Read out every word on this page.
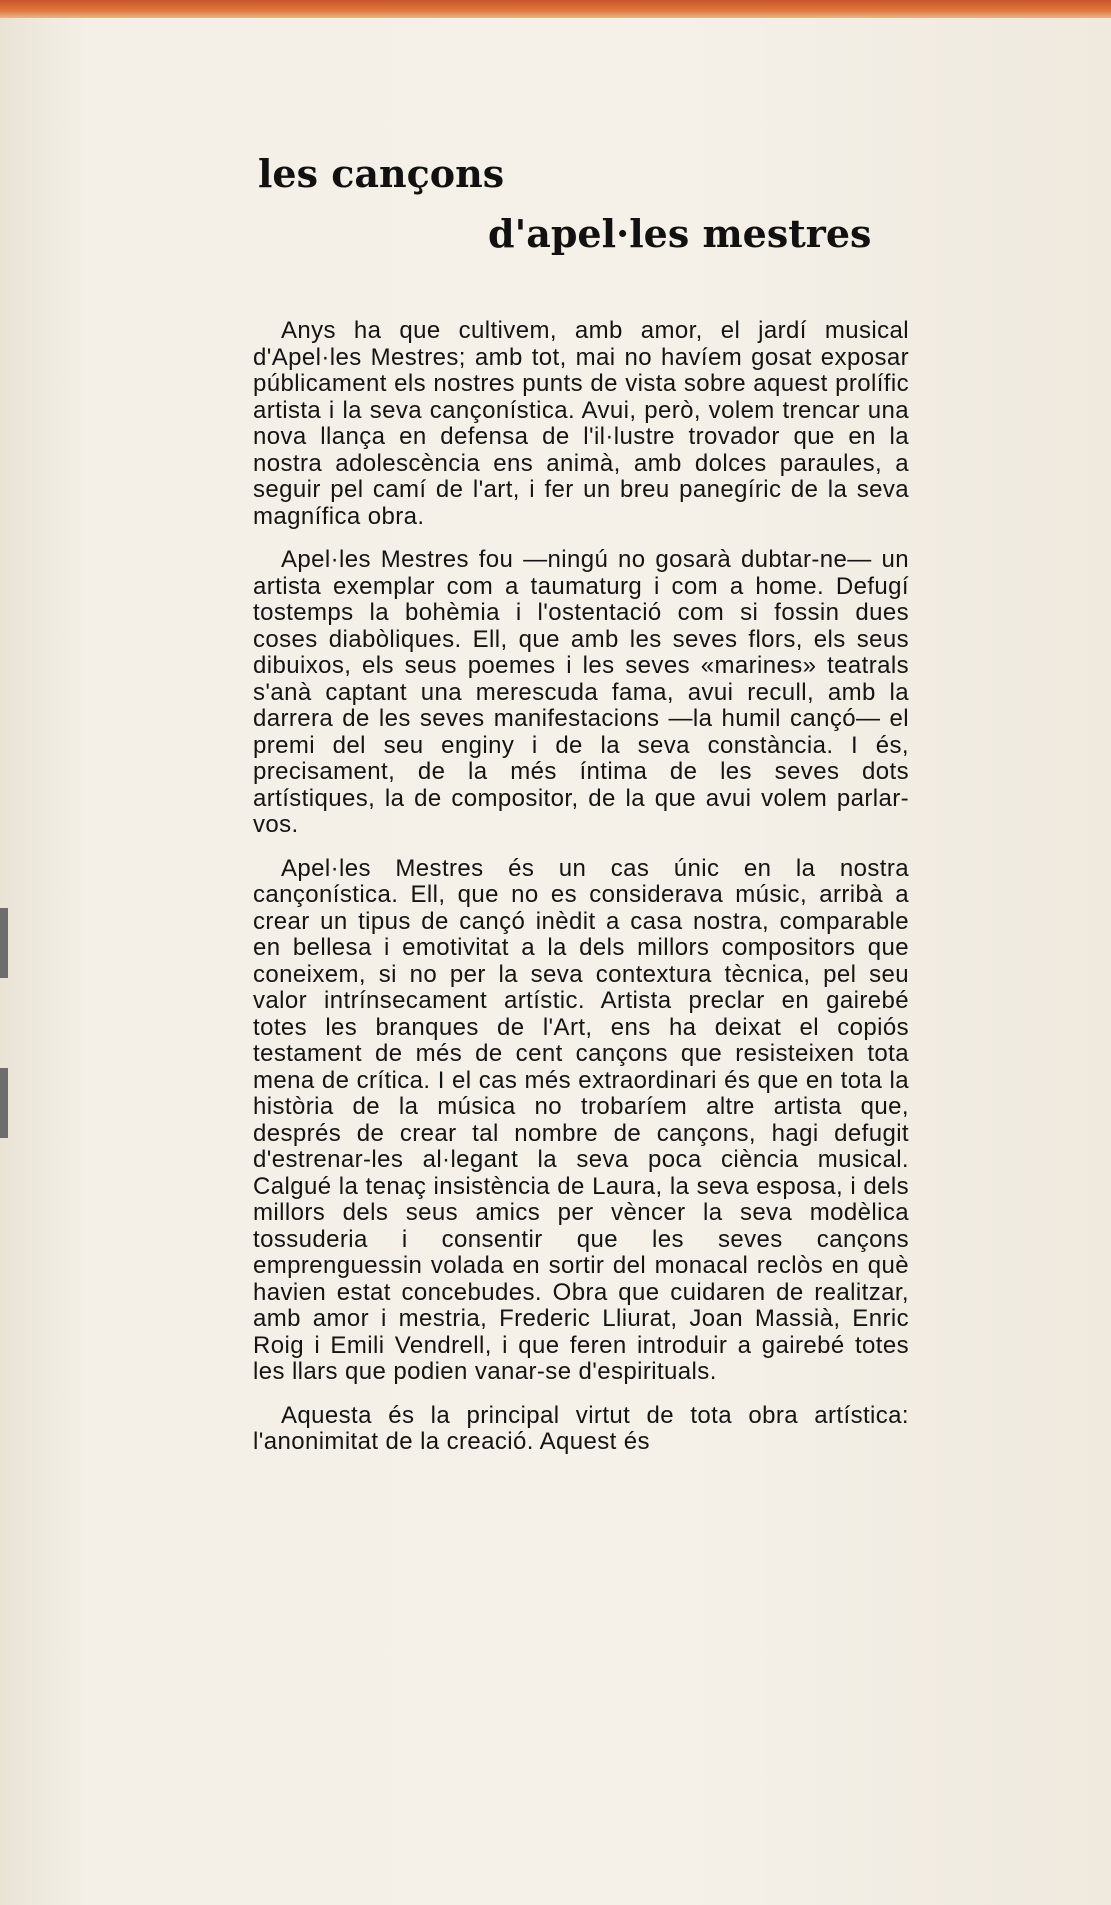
les cançons
d'apel·les mestres

Anys ha que cultivem, amb amor, el jardí musical d'Apel·les Mestres; amb tot, mai no havíem gosat exposar públicament els nostres punts de vista sobre aquest prolífic artista i la seva cançonística. Avui, però, volem trencar una nova llança en defensa de l'il·lustre trovador que en la nostra adolescència ens animà, amb dolces paraules, a seguir pel camí de l'art, i fer un breu panegíric de la seva magnífica obra.

Apel·les Mestres fou —ningú no gosarà dubtar-ne— un artista exemplar com a taumaturg i com a home. Defugí tostemps la bohèmia i l'ostentació com si fossin dues coses diabòliques. Ell, que amb les seves flors, els seus dibuixos, els seus poemes i les seves «marines» teatrals s'anà captant una merescuda fama, avui recull, amb la darrera de les seves manifestacions —la humil cançó— el premi del seu enginy i de la seva constància. I és, precisament, de la més íntima de les seves dots artístiques, la de compositor, de la que avui volem parlar-vos.

Apel·les Mestres és un cas únic en la nostra cançonística. Ell, que no es considerava músic, arribà a crear un tipus de cançó inèdit a casa nostra, comparable en bellesa i emotivitat a la dels millors compositors que coneixem, si no per la seva contextura tècnica, pel seu valor intrínsecament artístic. Artista preclar en gairebé totes les branques de l'Art, ens ha deixat el copiós testament de més de cent cançons que resisteixen tota mena de crítica. I el cas més extraordinari és que en tota la història de la música no trobaríem altre artista que, després de crear tal nombre de cançons, hagi defugit d'estrenar-les al·legant la seva poca ciència musical. Calgué la tenaç insistència de Laura, la seva esposa, i dels millors dels seus amics per vèncer la seva modèlica tossuderia i consentir que les seves cançons emprenguessin volada en sortir del monacal reclòs en què havien estat concebudes. Obra que cuidaren de realitzar, amb amor i mestria, Frederic Lliurat, Joan Massià, Enric Roig i Emili Vendrell, i que feren introduir a gairebé totes les llars que podien vanar-se d'espirituals.

Aquesta és la principal virtut de tota obra artística: l'anonimitat de la creació. Aquest és
